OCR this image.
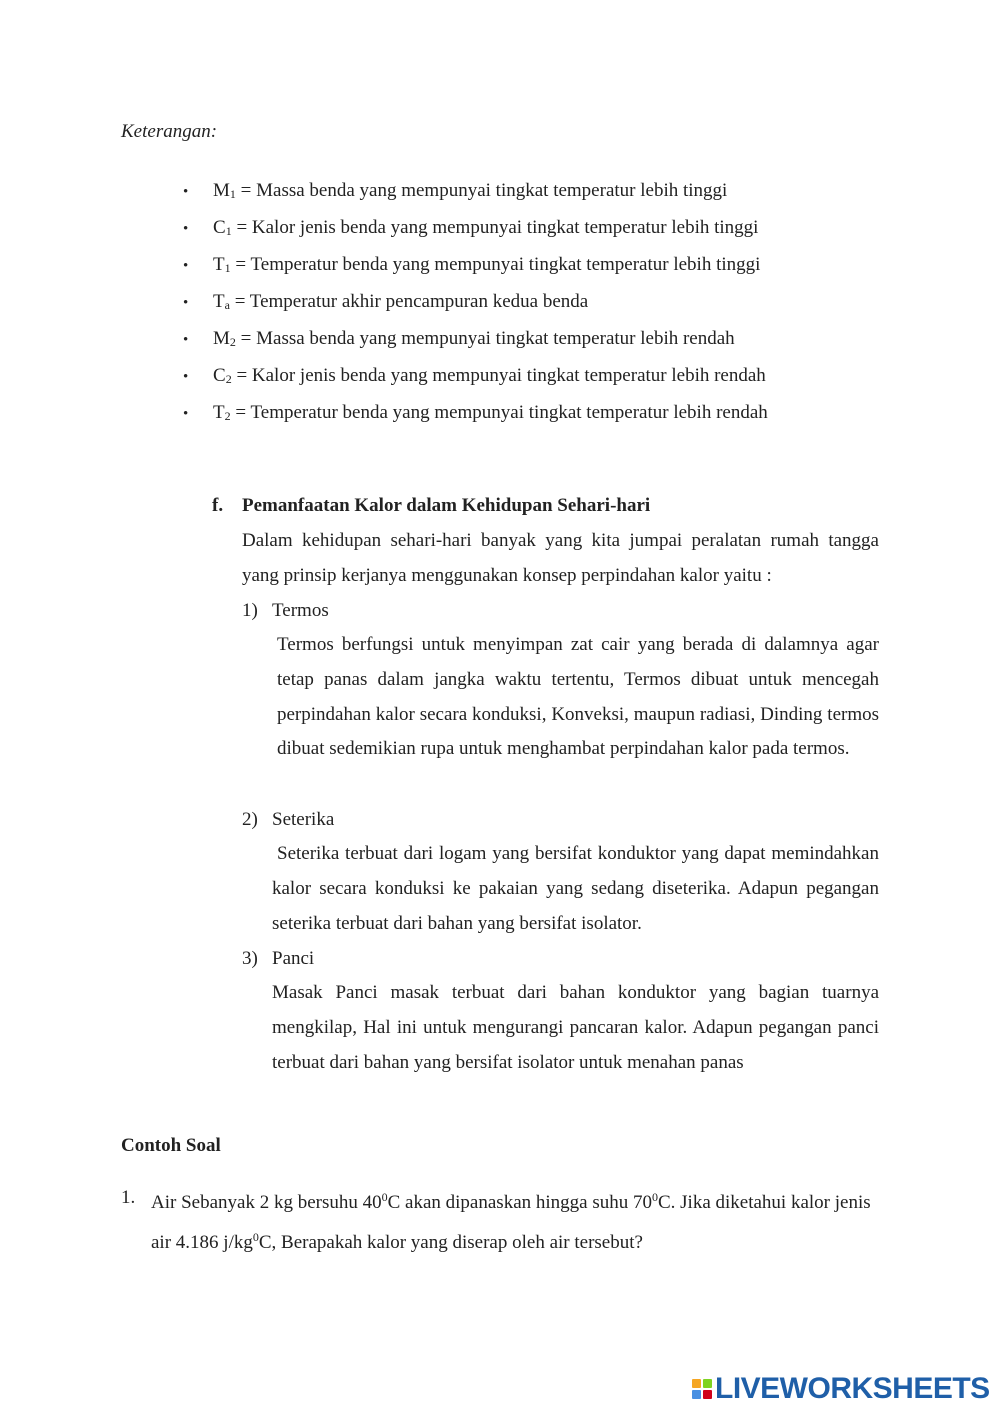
Keterangan:
• M1 = Massa benda yang mempunyai tingkat temperatur lebih tinggi
• C1 = Kalor jenis benda yang mempunyai tingkat temperatur lebih tinggi
• T1 = Temperatur benda yang mempunyai tingkat temperatur lebih tinggi
• Ta = Temperatur akhir pencampuran kedua benda
• M2 = Massa benda yang mempunyai tingkat temperatur lebih rendah
• C2 = Kalor jenis benda yang mempunyai tingkat temperatur lebih rendah
• T2 = Temperatur benda yang mempunyai tingkat temperatur lebih rendah
f. Pemanfaatan Kalor dalam Kehidupan Sehari-hari
Dalam kehidupan sehari-hari banyak yang kita jumpai peralatan rumah tangga yang prinsip kerjanya menggunakan konsep perpindahan kalor yaitu :
1) Termos
Termos berfungsi untuk menyimpan zat cair yang berada di dalamnya agar tetap panas dalam jangka waktu tertentu, Termos dibuat untuk mencegah perpindahan kalor secara konduksi, Konveksi, maupun radiasi, Dinding termos dibuat sedemikian rupa untuk menghambat perpindahan kalor pada termos.
2) Seterika
Seterika terbuat dari logam yang bersifat konduktor yang dapat memindahkan kalor secara konduksi ke pakaian yang sedang diseterika. Adapun pegangan seterika terbuat dari bahan yang bersifat isolator.
3) Panci
Masak Panci masak terbuat dari bahan konduktor yang bagian tuarnya mengkilap, Hal ini untuk mengurangi pancaran kalor. Adapun pegangan panci terbuat dari bahan yang bersifat isolator untuk menahan panas
Contoh Soal
1. Air Sebanyak 2 kg bersuhu $40^0C$ akan dipanaskan hingga suhu $70^0C$. Jika diketahui kalor jenis air 4.186 $j/kg^0C$, Berapakah kalor yang diserap oleh air tersebut?
LIVEWORKSHEETS
